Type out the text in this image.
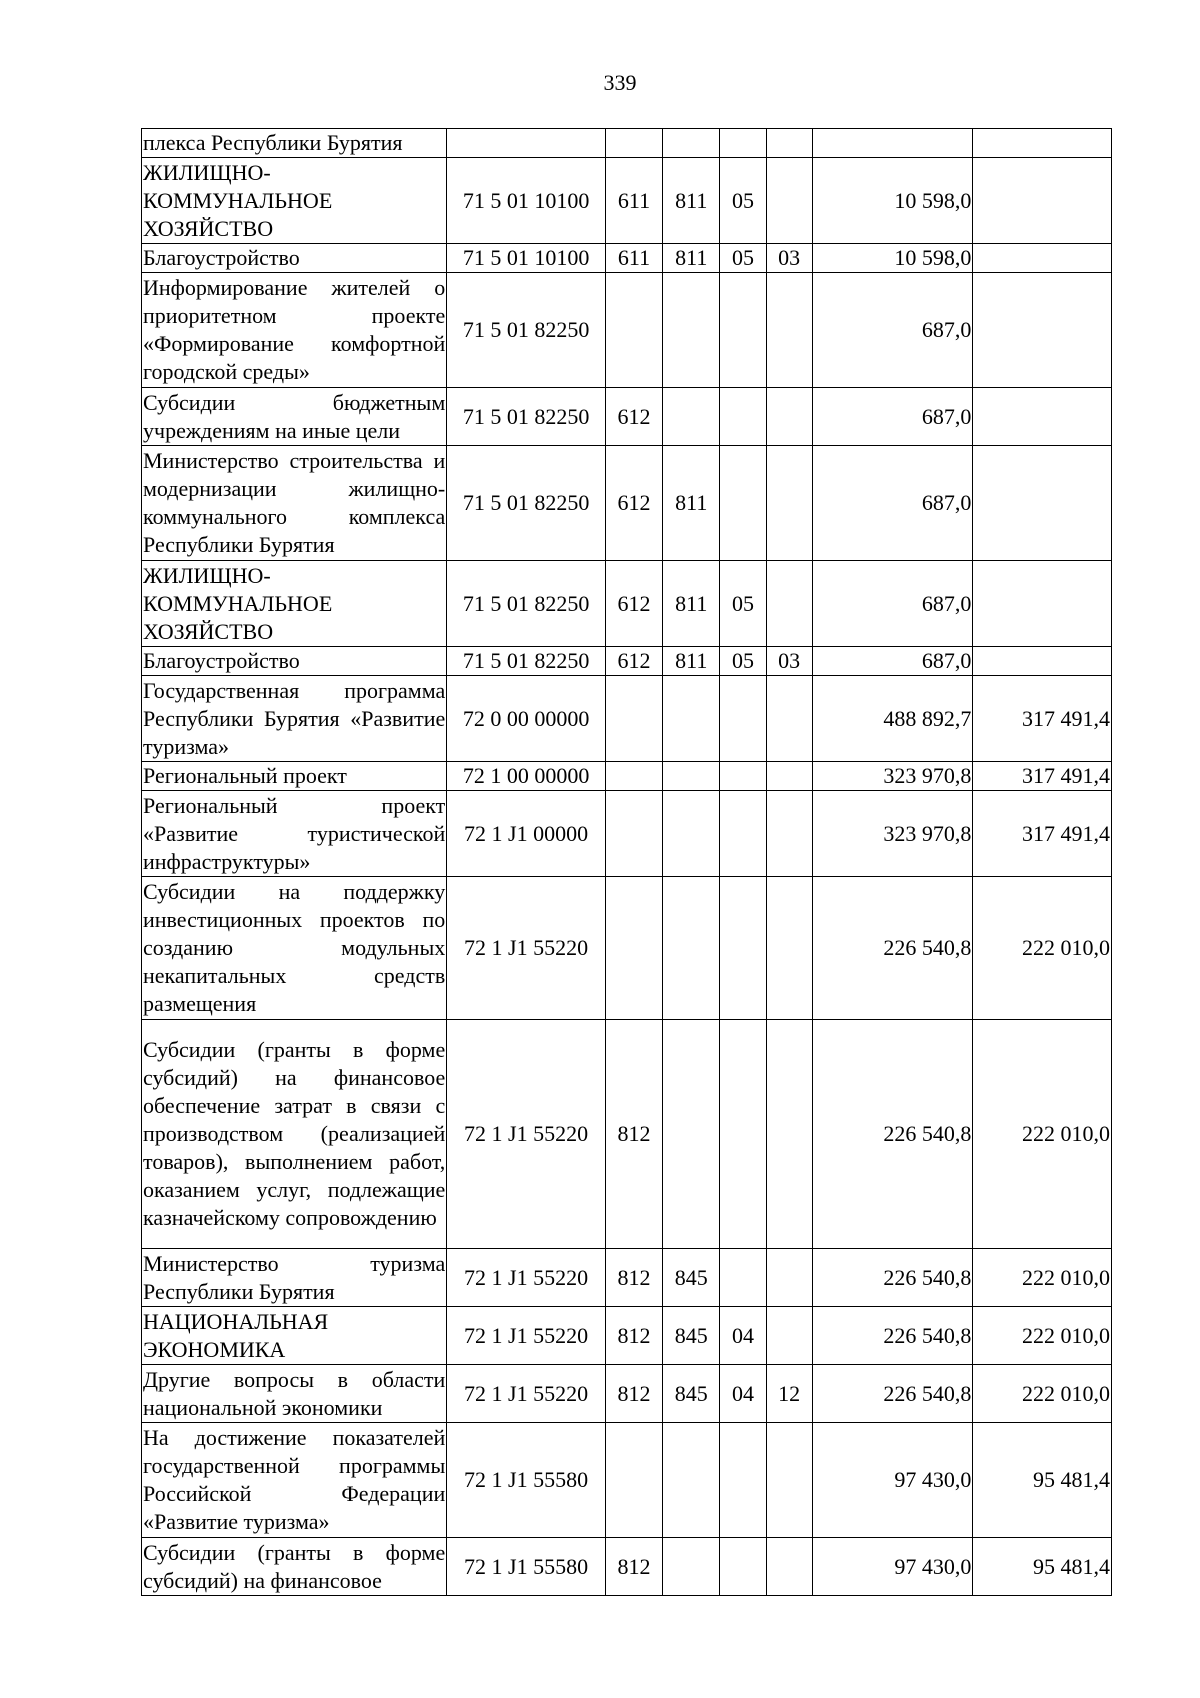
339
плекса Республики Бурятия							
ЖИЛИЩНО-КОММУНАЛЬНОЕ ХОЗЯЙСТВО	71 5 01 10100	611	811	05		10 598,0	
Благоустройство	71 5 01 10100	611	811	05	03	10 598,0	
Информирование жителей о приоритетном проекте «Формирование комфортной городской среды»	71 5 01 82250					687,0	
Субсидии бюджетным учреждениям на иные цели	71 5 01 82250	612				687,0	
Министерство строительства и модернизации жилищно-коммунального комплекса Республики Бурятия	71 5 01 82250	612	811			687,0	
ЖИЛИЩНО-КОММУНАЛЬНОЕ ХОЗЯЙСТВО	71 5 01 82250	612	811	05		687,0	
Благоустройство	71 5 01 82250	612	811	05	03	687,0	
Государственная программа Республики Бурятия «Развитие туризма»	72 0 00 00000					488 892,7	317 491,4
Региональный проект	72 1 00 00000					323 970,8	317 491,4
Региональный проект «Развитие туристической инфраструктуры»	72 1 J1 00000					323 970,8	317 491,4
Субсидии на поддержку инвестиционных проектов по созданию модульных некапитальных средств размещения	72 1 J1 55220					226 540,8	222 010,0
Субсидии (гранты в форме субсидий) на финансовое обеспечение затрат в связи с производством (реализацией товаров), выполнением работ, оказанием услуг, подлежащие казначейскому сопровождению	72 1 J1 55220	812				226 540,8	222 010,0
Министерство туризма Республики Бурятия	72 1 J1 55220	812	845			226 540,8	222 010,0
НАЦИОНАЛЬНАЯ ЭКОНОМИКА	72 1 J1 55220	812	845	04		226 540,8	222 010,0
Другие вопросы в области национальной экономики	72 1 J1 55220	812	845	04	12	226 540,8	222 010,0
На достижение показателей государственной программы Российской Федерации «Развитие туризма»	72 1 J1 55580					97 430,0	95 481,4
Субсидии (гранты в форме субсидий) на финансовое	72 1 J1 55580	812				97 430,0	95 481,4
